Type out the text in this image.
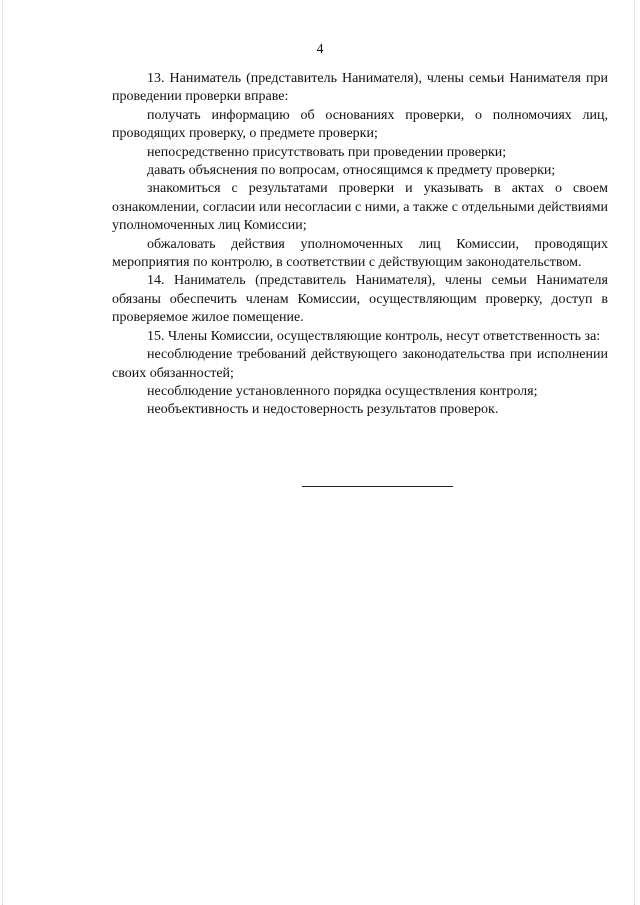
4

13. Наниматель (представитель Нанимателя), члены семьи Нанимателя при проведении проверки вправе:

получать информацию об основаниях проверки, о полномочиях лиц, проводящих проверку, о предмете проверки;

непосредственно присутствовать при проведении проверки;

давать объяснения по вопросам, относящимся к предмету проверки;

знакомиться с результатами проверки и указывать в актах о своем ознакомлении, согласии или несогласии с ними, а также с отдельными действиями уполномоченных лиц Комиссии;

обжаловать действия уполномоченных лиц Комиссии, проводящих мероприятия по контролю, в соответствии с действующим законодательством.

14. Наниматель (представитель Нанимателя), члены семьи Нанимателя обязаны обеспечить членам Комиссии, осуществляющим проверку, доступ в проверяемое жилое помещение.

15. Члены Комиссии, осуществляющие контроль, несут ответственность за:

несоблюдение требований действующего законодательства при исполнении своих обязанностей;

несоблюдение установленного порядка осуществления контроля;

необъективность и недостоверность результатов проверок.
